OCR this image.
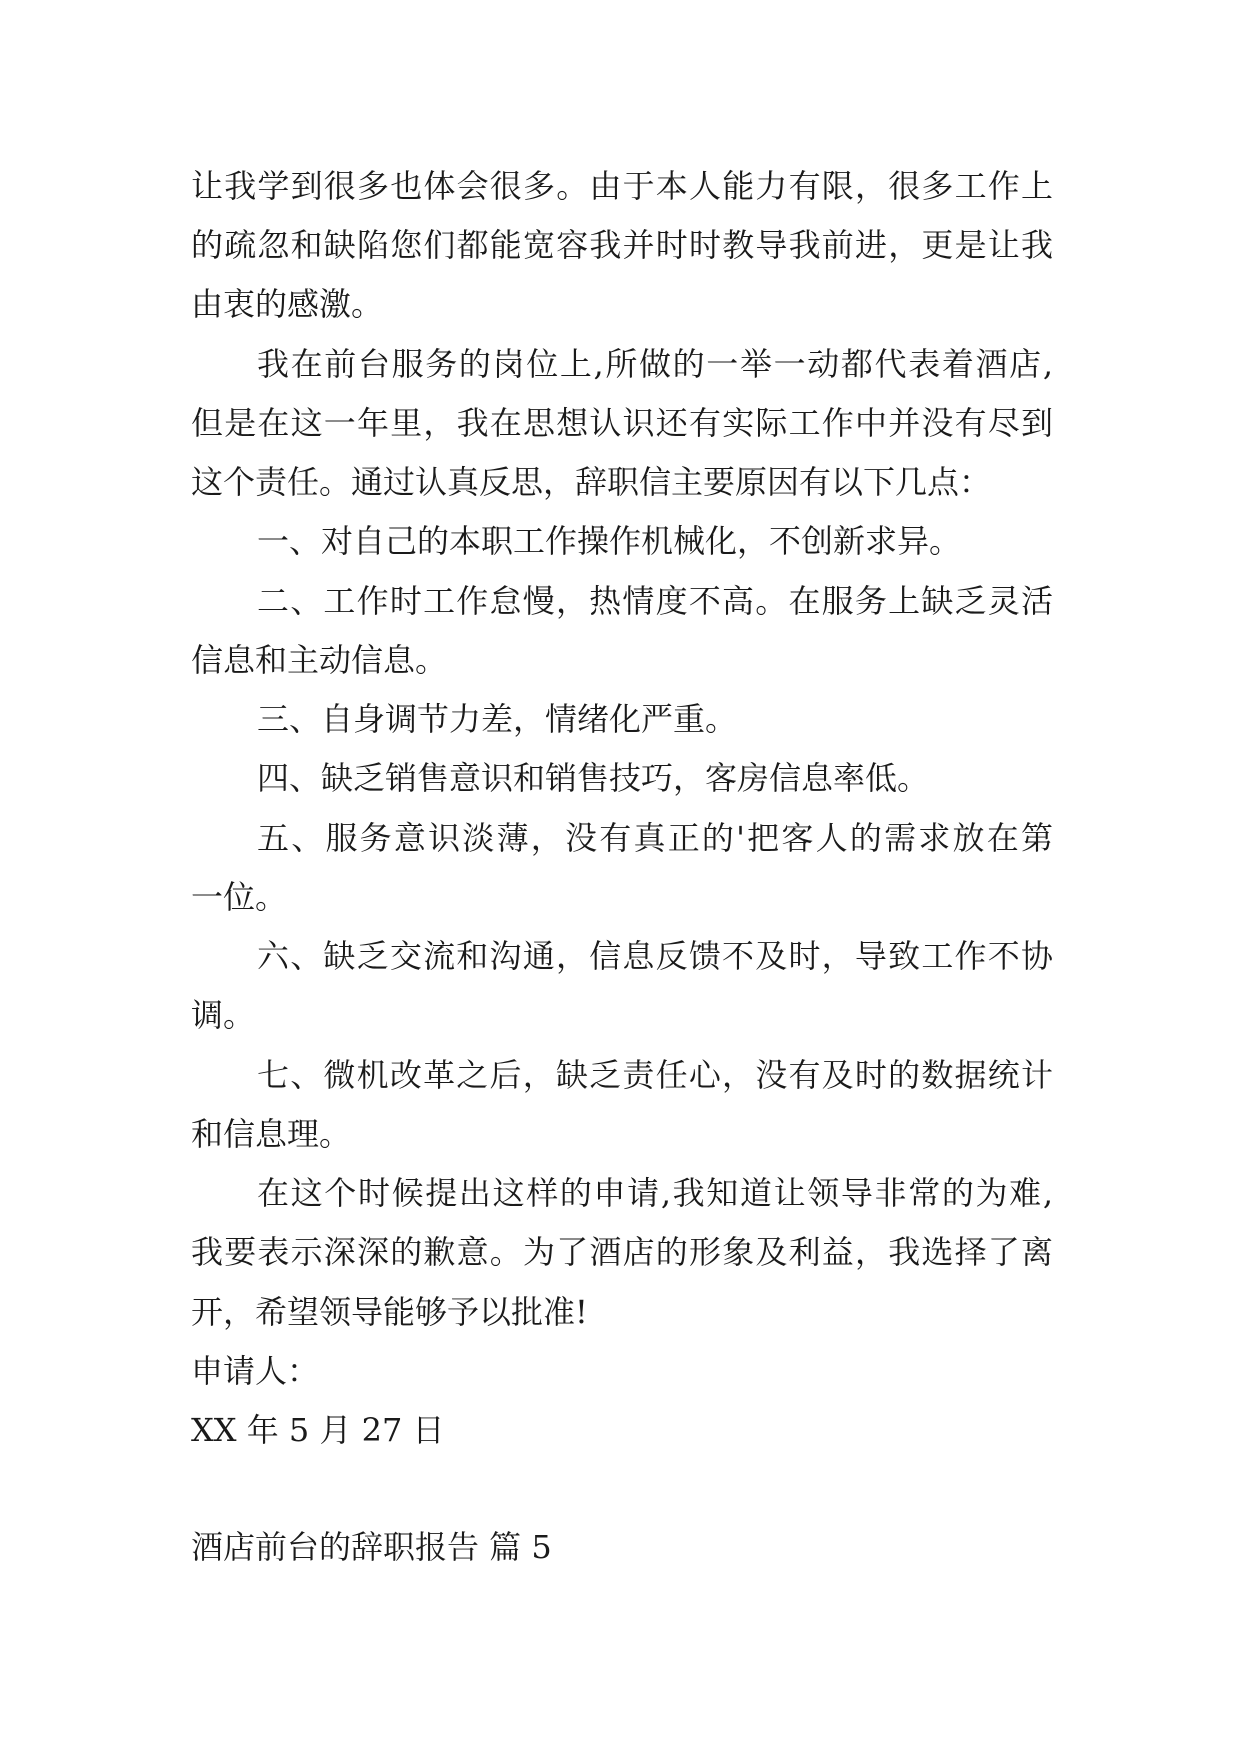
让我学到很多也体会很多。由于本人能力有限，很多工作上

的疏忽和缺陷您们都能宽容我并时时教导我前进，更是让我

由衷的感激。

我在前台服务的岗位上,所做的一举一动都代表着酒店,

但是在这一年里，我在思想认识还有实际工作中并没有尽到

这个责任。通过认真反思，辞职信主要原因有以下几点：

一、对自己的本职工作操作机械化，不创新求异。

二、工作时工作怠慢，热情度不高。在服务上缺乏灵活

信息和主动信息。

三、自身调节力差，情绪化严重。

四、缺乏销售意识和销售技巧，客房信息率低。

五、服务意识淡薄，没有真正的'把客人的需求放在第

一位。

六、缺乏交流和沟通，信息反馈不及时，导致工作不协

调。

七、微机改革之后，缺乏责任心，没有及时的数据统计

和信息理。

在这个时候提出这样的申请,我知道让领导非常的为难,

我要表示深深的歉意。为了酒店的形象及利益，我选择了离

开，希望领导能够予以批准!

申请人：

XX 年 5 月 27 日

酒店前台的辞职报告 篇 5
